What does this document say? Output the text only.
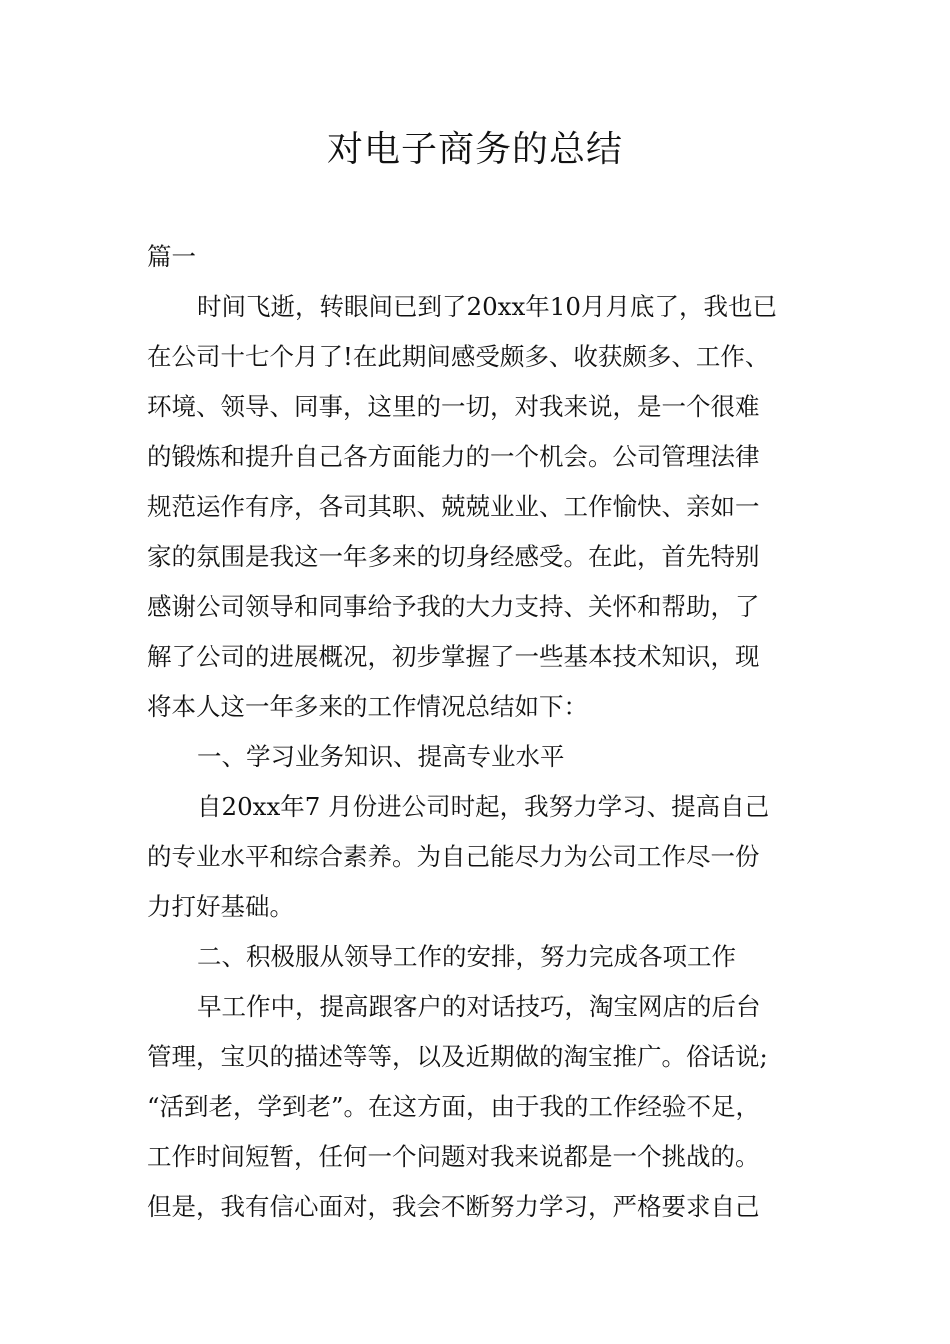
对电子商务的总结

篇一

时间飞逝，转眼间已到了20xx年10月月底了，我也已

在公司十七个月了!在此期间感受颇多、收获颇多、工作、

环境、领导、同事，这里的一切，对我来说，是一个很难

的锻炼和提升自己各方面能力的一个机会。公司管理法律

规范运作有序，各司其职、兢兢业业、工作愉快、亲如一

家的氛围是我这一年多来的切身经感受。在此，首先特别

感谢公司领导和同事给予我的大力支持、关怀和帮助，了

解了公司的进展概况，初步掌握了一些基本技术知识，现

将本人这一年多来的工作情况总结如下：

一、学习业务知识、提高专业水平

自20xx年7 月份进公司时起，我努力学习、提高自己

的专业水平和综合素养。为自己能尽力为公司工作尽一份

力打好基础。

二、积极服从领导工作的安排，努力完成各项工作

早工作中，提高跟客户的对话技巧，淘宝网店的后台

管理，宝贝的描述等等，以及近期做的淘宝推广。俗话说;

“活到老，学到老”。在这方面，由于我的工作经验不足，

工作时间短暂，任何一个问题对我来说都是一个挑战的。

但是，我有信心面对，我会不断努力学习，严格要求自己
